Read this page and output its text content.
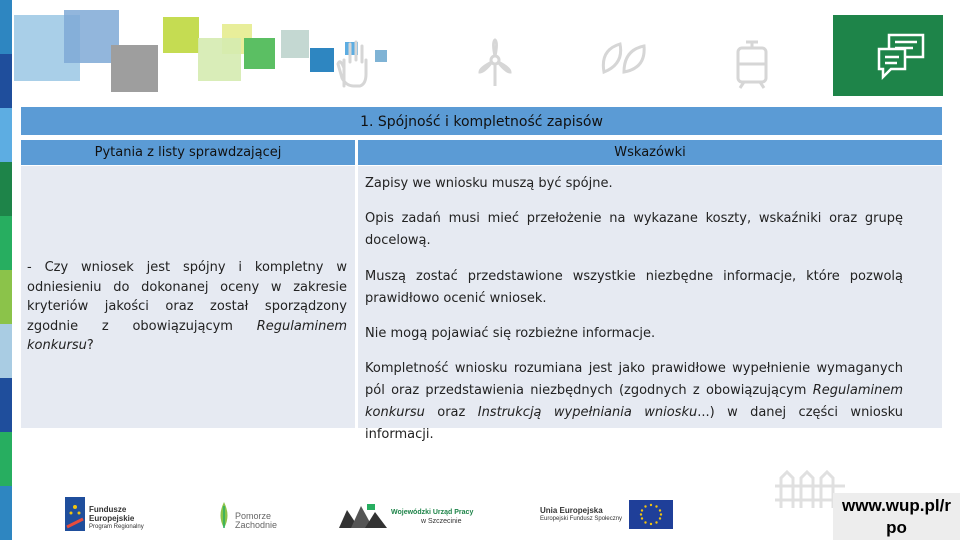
1. Spójność i kompletność zapisów
Pytania z listy sprawdzającej	Wskazówki
- Czy wniosek jest spójny i kompletny w odniesieniu do dokonanej oceny w zakresie kryteriów jakości oraz został sporządzony zgodnie z obowiązującym Regulaminem konkursu?
Zapisy we wniosku muszą być spójne.
Opis zadań musi mieć przełożenie na wykazane koszty, wskaźniki oraz grupę docelową.
Muszą zostać przedstawione wszystkie niezbędne informacje, które pozwolą prawidłowo ocenić wniosek.
Nie mogą pojawiać się rozbieżne informacje.
Kompletność wniosku rozumiana jest jako prawidłowe wypełnienie wymaganych pól oraz przedstawienia niezbędnych (zgodnych z obowiązującym Regulaminem konkursu oraz Instrukcją wypełniania wniosku...) w danej części wniosku informacji.
Fundusze
Europejskie
Program Regionalny
Pomorze
Zachodnie
Wojewódzki Urząd Pracy
w Szczecinie
Unia Europejska
Europejski Fundusz Społeczny
www.wup.pl/r
po
